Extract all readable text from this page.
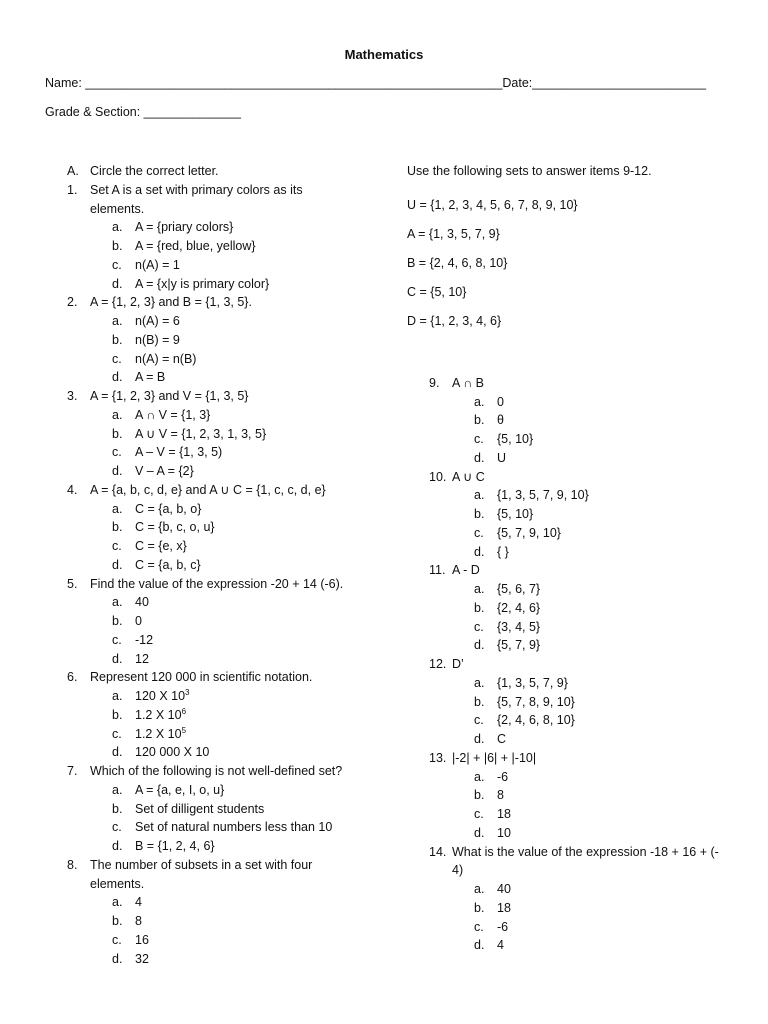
Mathematics
Name: ____________________________________________________________Date:_________________________
Grade & Section: ______________
A. Circle the correct letter.
1. Set A is a set with primary colors as its
elements.
a. A = {priary colors}
b. A = {red, blue, yellow}
c. n(A) = 1
d. A = {x|y is primary color}
2. A = {1, 2, 3} and B = {1, 3, 5}.
a. n(A) = 6
b. n(B) = 9
c. n(A) = n(B)
d. A = B
3. A = {1, 2, 3} and V = {1, 3, 5}
a. A ∩ V = {1, 3}
b. A ∪ V = {1, 2, 3, 1, 3, 5}
c. A – V = {1, 3, 5)
d. V – A = {2}
4. A = {a, b, c, d, e} and A ∪ C = {1, c, c, d, e}
a. C = {a, b, o}
b. C = {b, c, o, u}
c. C = {e, x}
d. C = {a, b, c}
5. Find the value of the expression -20 + 14 (-6).
a. 40
b. 0
c. -12
d. 12
6. Represent 120 000 in scientific notation.
a. 120 X $10^3$
b. 1.2 X $10^6$
c. 1.2 X $10^5$
d. 120 000 X 10
7. Which of the following is not well-defined set?
a. A = {a, e, I, o, u}
b. Set of dilligent students
c. Set of natural numbers less than 10
d. B = {1, 2, 4, 6}
8. The number of subsets in a set with four
elements.
a. 4
b. 8
c. 16
d. 32
Use the following sets to answer items 9-12.
U = {1, 2, 3, 4, 5, 6, 7, 8, 9, 10}
A = {1, 3, 5, 7, 9}
B = {2, 4, 6, 8, 10}
C = {5, 10}
D = {1, 2, 3, 4, 6}
9. A ∩ B
a. 0
b. θ
c. {5, 10}
d. U
10. A ∪ C
a. {1, 3, 5, 7, 9, 10}
b. {5, 10}
c. {5, 7, 9, 10}
d. { }
11. A - D
a. {5, 6, 7}
b. {2, 4, 6}
c. {3, 4, 5}
d. {5, 7, 9}
12. D’
a. {1, 3, 5, 7, 9}
b. {5, 7, 8, 9, 10}
c. {2, 4, 6, 8, 10}
d. C
13. |-2| + |6| + |-10|
a. -6
b. 8
c. 18
d. 10
14. What is the value of the expression -18 + 16 + (-
4)
a. 40
b. 18
c. -6
d. 4
